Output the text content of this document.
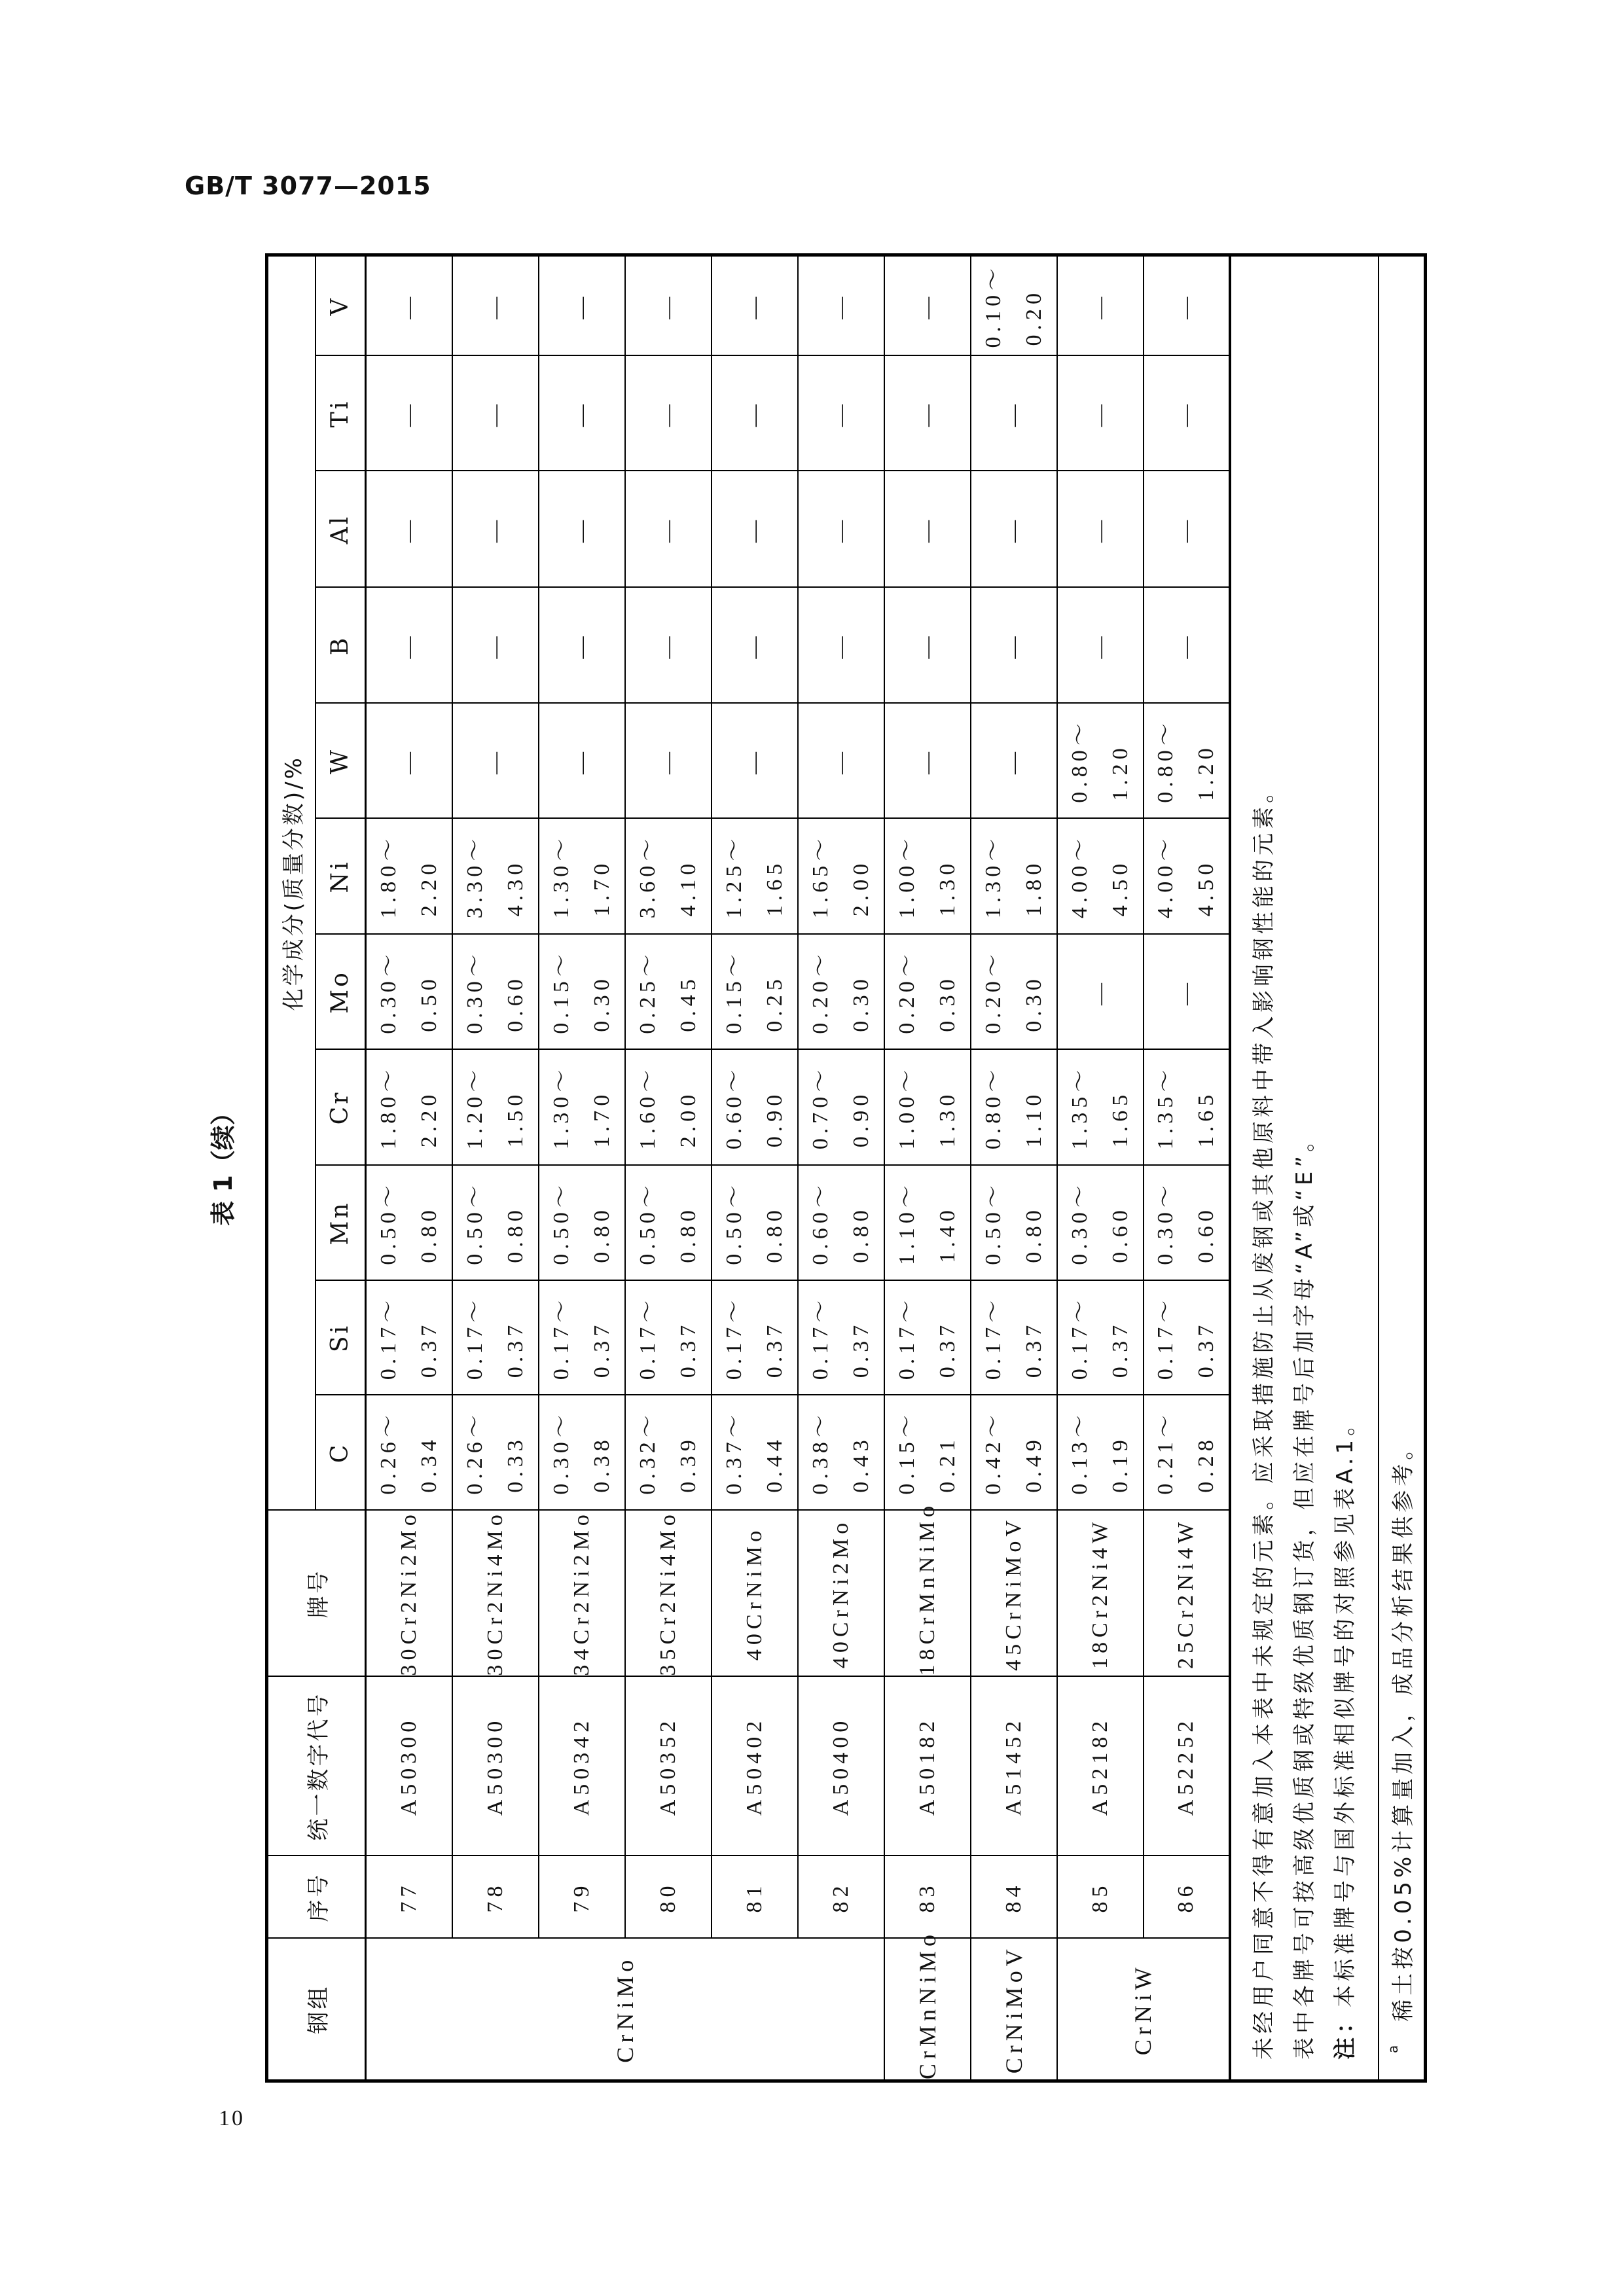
GB/T 3077—2015
表 1（续）
10
钢组	序号	统一数字代号	牌号	化学成分(质量分数)/%										
				C	Si	Mn	Cr	Mo	Ni	W	B	Al	Ti	V
CrNiMo	77	A50300	30Cr2Ni2Mo	0.26～ 0.34	0.17～ 0.37	0.50～ 0.80	1.80～ 2.20	0.30～ 0.50	1.80～ 2.20	—	—	—	—	—
	78	A50300	30Cr2Ni4Mo	0.26～ 0.33	0.17～ 0.37	0.50～ 0.80	1.20～ 1.50	0.30～ 0.60	3.30～ 4.30	—	—	—	—	—
	79	A50342	34Cr2Ni2Mo	0.30～ 0.38	0.17～ 0.37	0.50～ 0.80	1.30～ 1.70	0.15～ 0.30	1.30～ 1.70	—	—	—	—	—
	80	A50352	35Cr2Ni4Mo	0.32～ 0.39	0.17～ 0.37	0.50～ 0.80	1.60～ 2.00	0.25～ 0.45	3.60～ 4.10	—	—	—	—	—
	81	A50402	40CrNiMo	0.37～ 0.44	0.17～ 0.37	0.50～ 0.80	0.60～ 0.90	0.15～ 0.25	1.25～ 1.65	—	—	—	—	—
	82	A50400	40CrNi2Mo	0.38～ 0.43	0.17～ 0.37	0.60～ 0.80	0.70～ 0.90	0.20～ 0.30	1.65～ 2.00	—	—	—	—	—
CrMnNiMo	83	A50182	18CrMnNiMo	0.15～ 0.21	0.17～ 0.37	1.10～ 1.40	1.00～ 1.30	0.20～ 0.30	1.00～ 1.30	—	—	—	—	—
CrNiMoV	84	A51452	45CrNiMoV	0.42～ 0.49	0.17～ 0.37	0.50～ 0.80	0.80～ 1.10	0.20～ 0.30	1.30～ 1.80	—	—	—	—	0.10～ 0.20

CrNiW	85	A52182	18Cr2Ni4W	0.13～ 0.19	0.17～ 0.37	0.30～ 0.60	1.35～ 1.65	—	4.00～ 4.50	0.80～ 1.20	—	—	—	—
	86	A52252	25Cr2Ni4W	0.21～ 0.28	0.17～ 0.37	0.30～ 0.60	1.35～ 1.65	—	4.00～ 4.50	0.80～ 1.20	—	—	—	—

未经用户同意不得有意加入本表中未规定的元素。应采取措施防止从废钢或其他原料中带入影响钢性能的元素。 表中各牌号可按高级优质钢或特级优质钢订货，但应在牌号后加字母“A”或“E”。 注：本标准牌号与国外标准相似牌号的对照参见表A.1。														

$^a$稀土按0.05%计算量加入，成品分析结果供参考。														
